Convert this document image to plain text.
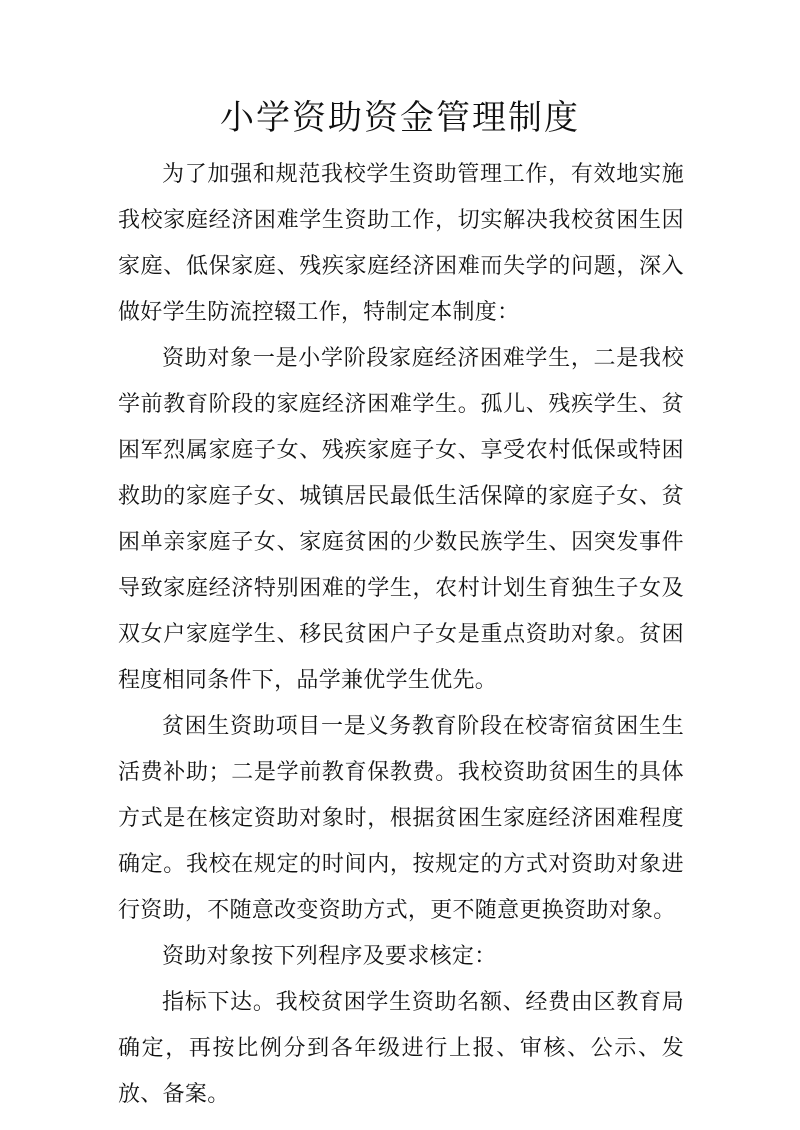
小学资助资金管理制度

为了加强和规范我校学生资助管理工作，有效地实施我校家庭经济困难学生资助工作，切实解决我校贫困生因家庭、低保家庭、残疾家庭经济困难而失学的问题，深入做好学生防流控辍工作，特制定本制度：

资助对象一是小学阶段家庭经济困难学生，二是我校学前教育阶段的家庭经济困难学生。孤儿、残疾学生、贫困军烈属家庭子女、残疾家庭子女、享受农村低保或特困救助的家庭子女、城镇居民最低生活保障的家庭子女、贫困单亲家庭子女、家庭贫困的少数民族学生、因突发事件导致家庭经济特别困难的学生，农村计划生育独生子女及双女户家庭学生、移民贫困户子女是重点资助对象。贫困程度相同条件下，品学兼优学生优先。

贫困生资助项目一是义务教育阶段在校寄宿贫困生生活费补助；二是学前教育保教费。我校资助贫困生的具体方式是在核定资助对象时，根据贫困生家庭经济困难程度确定。我校在规定的时间内，按规定的方式对资助对象进行资助，不随意改变资助方式，更不随意更换资助对象。

资助对象按下列程序及要求核定：

指标下达。我校贫困学生资助名额、经费由区教育局确定，再按比例分到各年级进行上报、审核、公示、发放、备案。
